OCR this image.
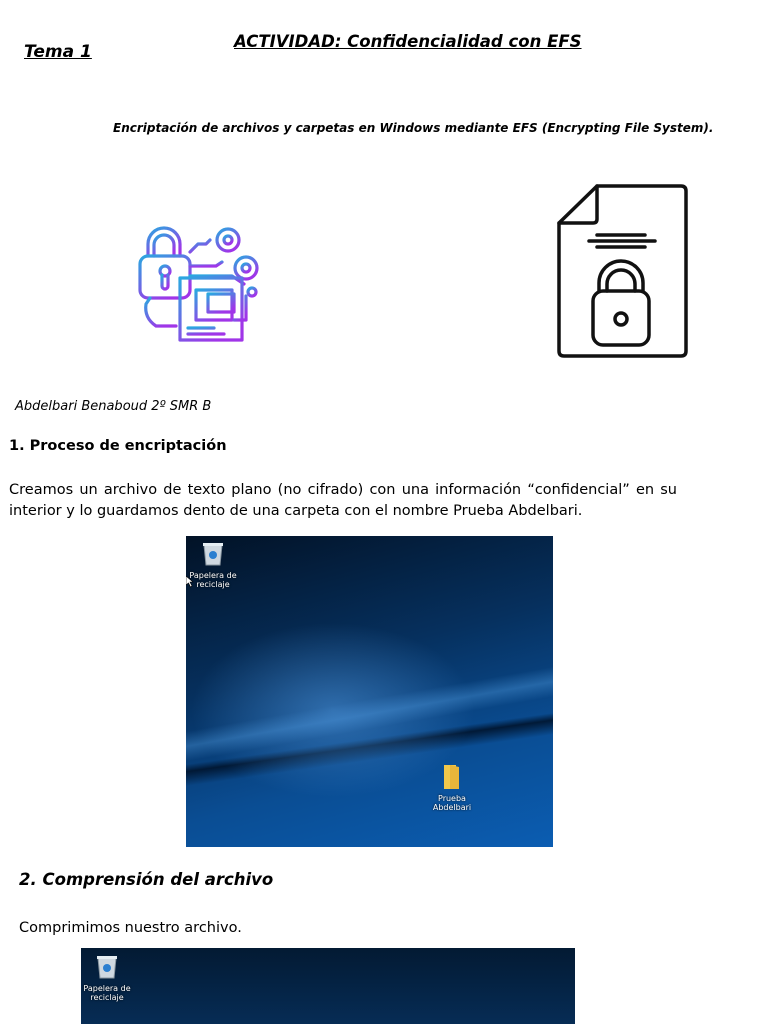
Tema 1
ACTIVIDAD: Confidencialidad con EFS
Encriptación de archivos y carpetas en Windows mediante EFS (Encrypting File System).
Abdelbari Benaboud 2º SMR B
1. Proceso de encriptación
Creamos un archivo de texto plano (no cifrado) con una información “confidencial” en su interior y lo guardamos dento de una carpeta con el nombre Prueba Abdelbari.
Papelera de reciclaje
Prueba Abdelbari
2. Comprensión del archivo
Comprimimos nuestro archivo.
Papelera de reciclaje
